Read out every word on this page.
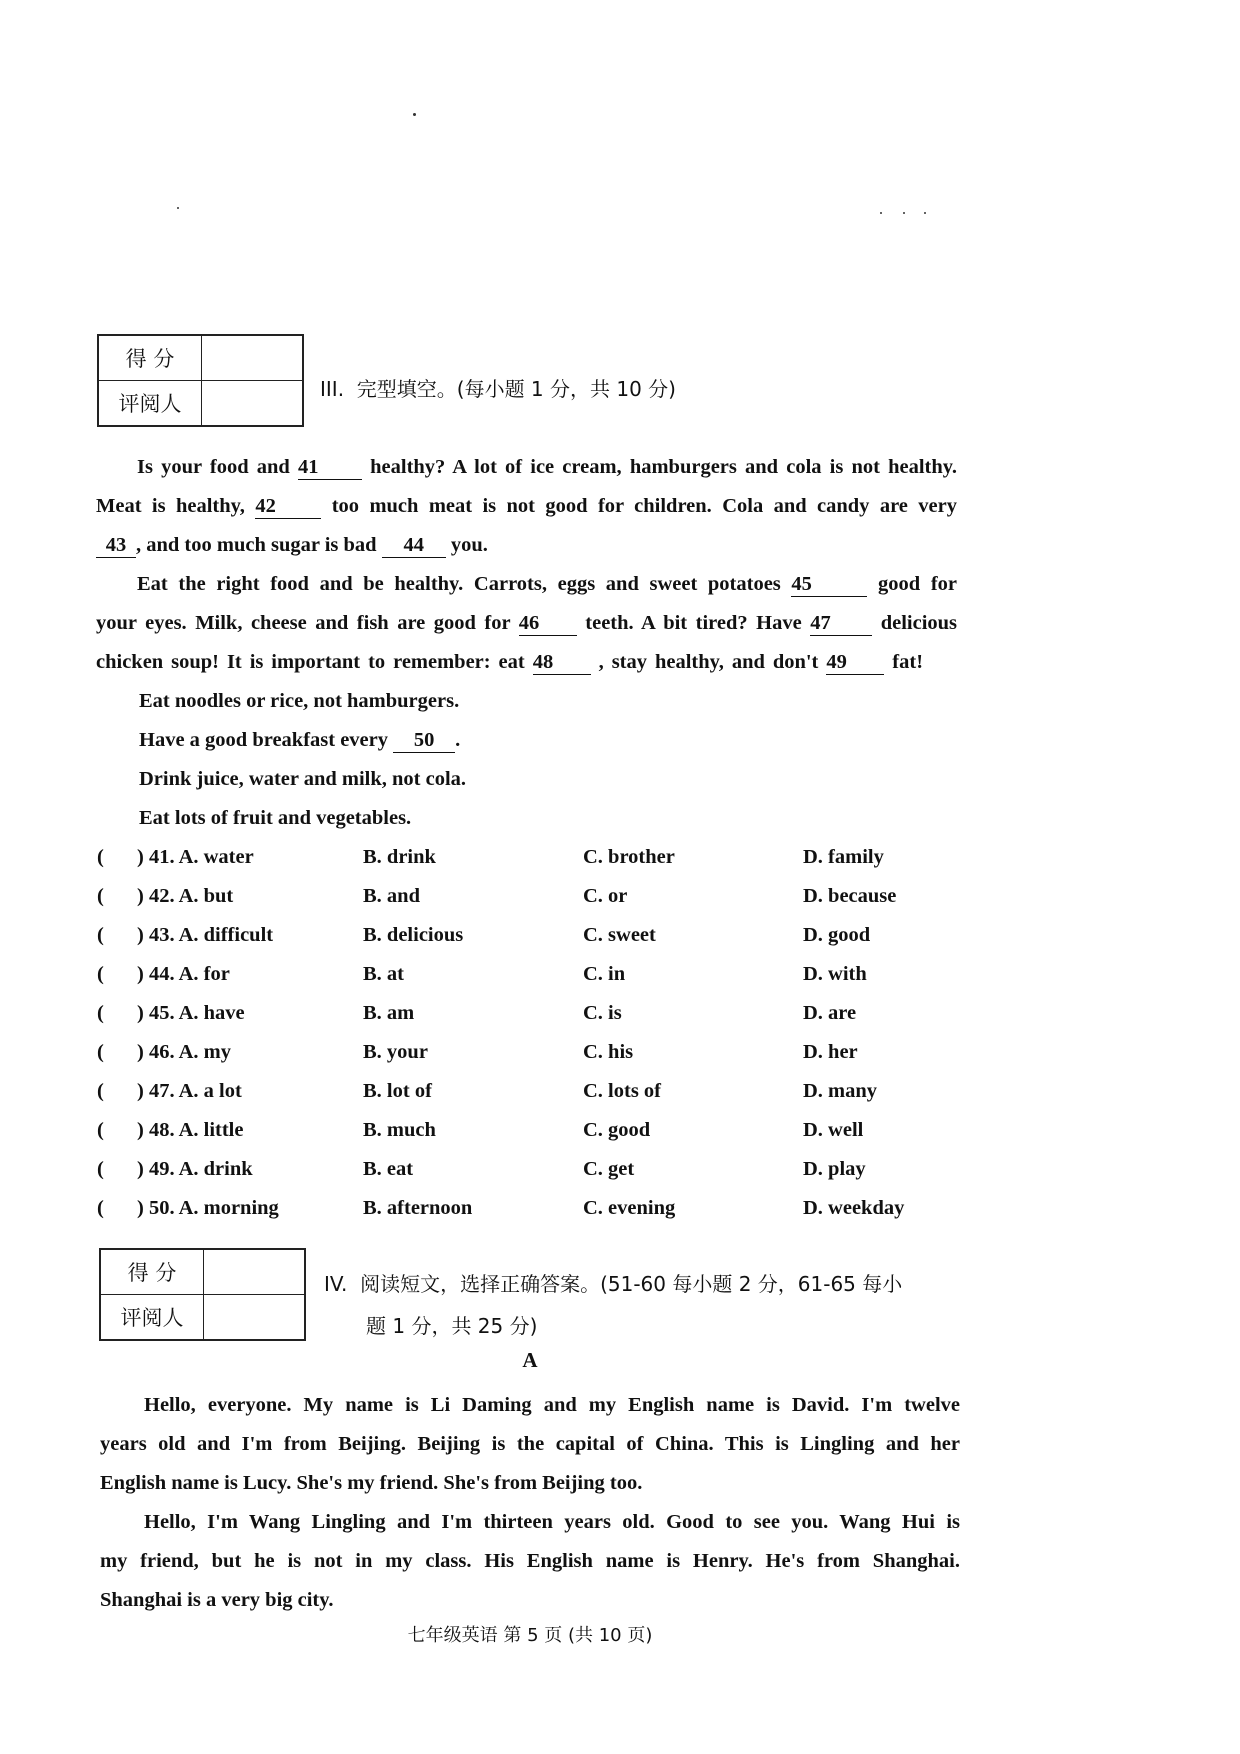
得 分	
评阅人	
III.  完型填空。(每小题 1 分，共 10 分)
Is your food and 41	healthy? A lot of ice cream, hamburgers and cola is not healthy.
Meat is healthy, 42	too much meat is not good for children. Cola and candy are very
43 , and too much sugar is bad 44 you.
Eat the right food and be healthy. Carrots, eggs and sweet potatoes 45	good for
your eyes. Milk, cheese and fish are good for 46 teeth. A bit tired? Have 47 delicious
chicken soup! It is important to remember: eat 48 , stay healthy, and don't 49 fat!
Eat noodles or rice, not hamburgers.
Have a good breakfast every 50 .
Drink juice, water and milk, not cola.
Eat lots of fruit and vegetables.
( ) 41. A. water	B. drink	C. brother	D. family
( ) 42. A. but	B. and	C. or	D. because
( ) 43. A. difficult	B. delicious	C. sweet	D. good
( ) 44. A. for	B. at	C. in	D. with
( ) 45. A. have	B. am	C. is	D. are
( ) 46. A. my	B. your	C. his	D. her
( ) 47. A. a lot	B. lot of	C. lots of	D. many
( ) 48. A. little	B. much	C. good	D. well
( ) 49. A. drink	B. eat	C. get	D. play
( ) 50. A. morning	B. afternoon	C. evening	D. weekday
得 分	
评阅人	
IV.  阅读短文，选择正确答案。(51-60 每小题 2 分，61-65 每小
题 1 分，共 25 分)
A
Hello, everyone. My name is Li Daming and my English name is David. I'm twelve
years old and I'm from Beijing. Beijing is the capital of China. This is Lingling and her
English name is Lucy. She's my friend. She's from Beijing too.
Hello, I'm Wang Lingling and I'm thirteen years old. Good to see you. Wang Hui is
my friend, but he is not in my class. His English name is Henry. He's from Shanghai.
Shanghai is a very big city.
七年级英语 第 5 页 (共 10 页)
